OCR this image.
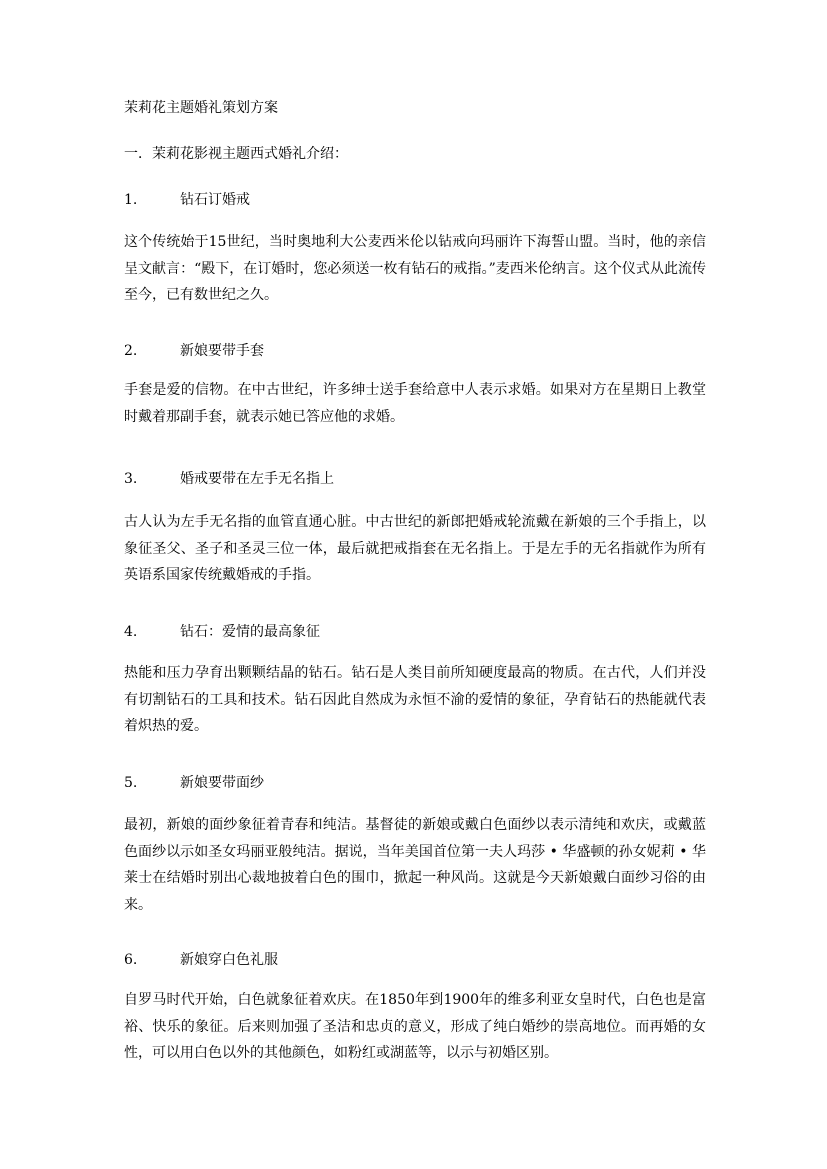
茉莉花主题婚礼策划方案
一．茉莉花影视主题西式婚礼介绍：
1.	钻石订婚戒

这个传统始于15世纪，当时奥地利大公麦西米伦以钻戒向玛丽许下海誓山盟。当时，他的亲信呈文献言：“殿下，在订婚时，您必须送一枚有钻石的戒指。”麦西米伦纳言。这个仪式从此流传至今，已有数世纪之久。

2.	新娘要带手套

手套是爱的信物。在中古世纪，许多绅士送手套给意中人表示求婚。如果对方在星期日上教堂时戴着那副手套，就表示她已答应他的求婚。

3.	婚戒要带在左手无名指上

古人认为左手无名指的血管直通心脏。中古世纪的新郎把婚戒轮流戴在新娘的三个手指上，以象征圣父、圣子和圣灵三位一体，最后就把戒指套在无名指上。于是左手的无名指就作为所有英语系国家传统戴婚戒的手指。

4.	钻石：爱情的最高象征

热能和压力孕育出颗颗结晶的钻石。钻石是人类目前所知硬度最高的物质。在古代，人们并没有切割钻石的工具和技术。钻石因此自然成为永恒不渝的爱情的象征，孕育钻石的热能就代表着炽热的爱。

5.	新娘要带面纱

最初，新娘的面纱象征着青春和纯洁。基督徒的新娘或戴白色面纱以表示清纯和欢庆，或戴蓝色面纱以示如圣女玛丽亚般纯洁。据说，当年美国首位第一夫人玛莎 • 华盛顿的孙女妮莉 • 华莱士在结婚时别出心裁地披着白色的围巾，掀起一种风尚。这就是今天新娘戴白面纱习俗的由来。

6.	新娘穿白色礼服

自罗马时代开始，白色就象征着欢庆。在1850年到1900年的维多利亚女皇时代，白色也是富裕、快乐的象征。后来则加强了圣洁和忠贞的意义，形成了纯白婚纱的崇高地位。而再婚的女性，可以用白色以外的其他颜色，如粉红或湖蓝等，以示与初婚区别。
